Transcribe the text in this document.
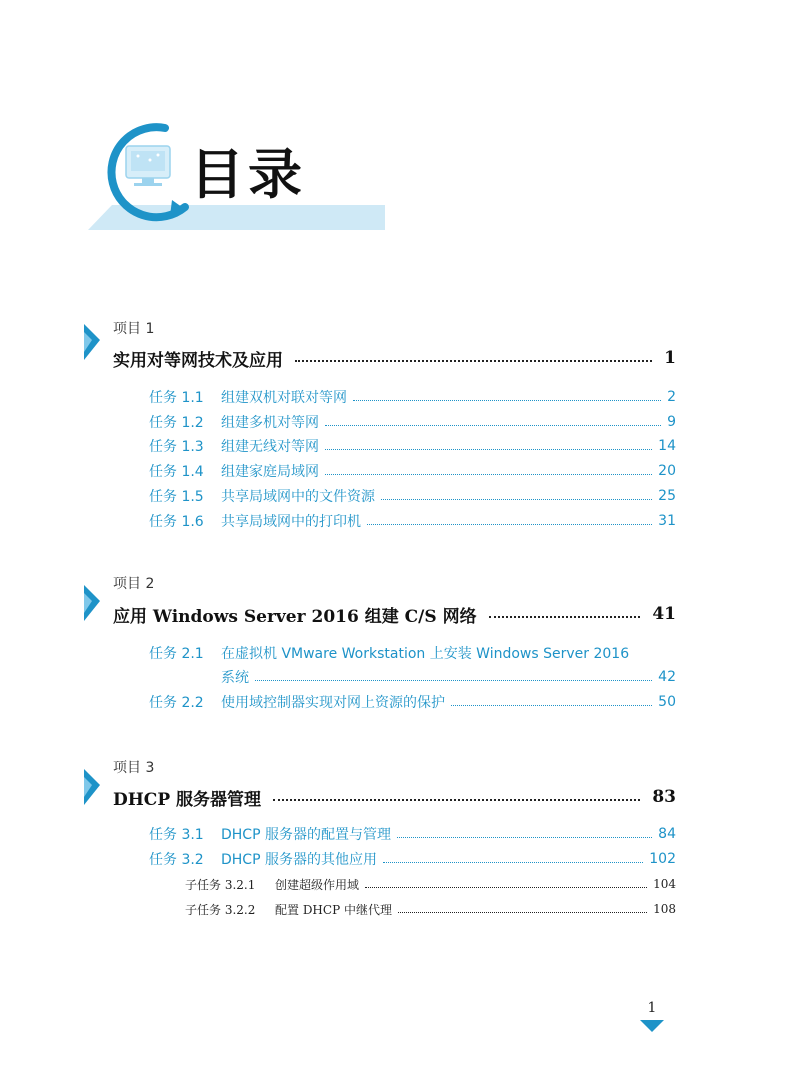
目录
项目 1
实用对等网技术及应用	1
任务 1.1	组建双机对联对等网	2
任务 1.2	组建多机对等网	9
任务 1.3	组建无线对等网	14
任务 1.4	组建家庭局域网	20
任务 1.5	共享局域网中的文件资源	25
任务 1.6	共享局域网中的打印机	31
项目 2
应用 Windows Server 2016 组建 C/S 网络	41
任务 2.1	在虚拟机 VMware Workstation 上安装 Windows Server 2016
系统	42
任务 2.2	使用域控制器实现对网上资源的保护	50
项目 3
DHCP 服务器管理	83
任务 3.1	DHCP 服务器的配置与管理	84
任务 3.2	DHCP 服务器的其他应用	102
子任务 3.2.1	创建超级作用域	104
子任务 3.2.2	配置 DHCP 中继代理	108
1
